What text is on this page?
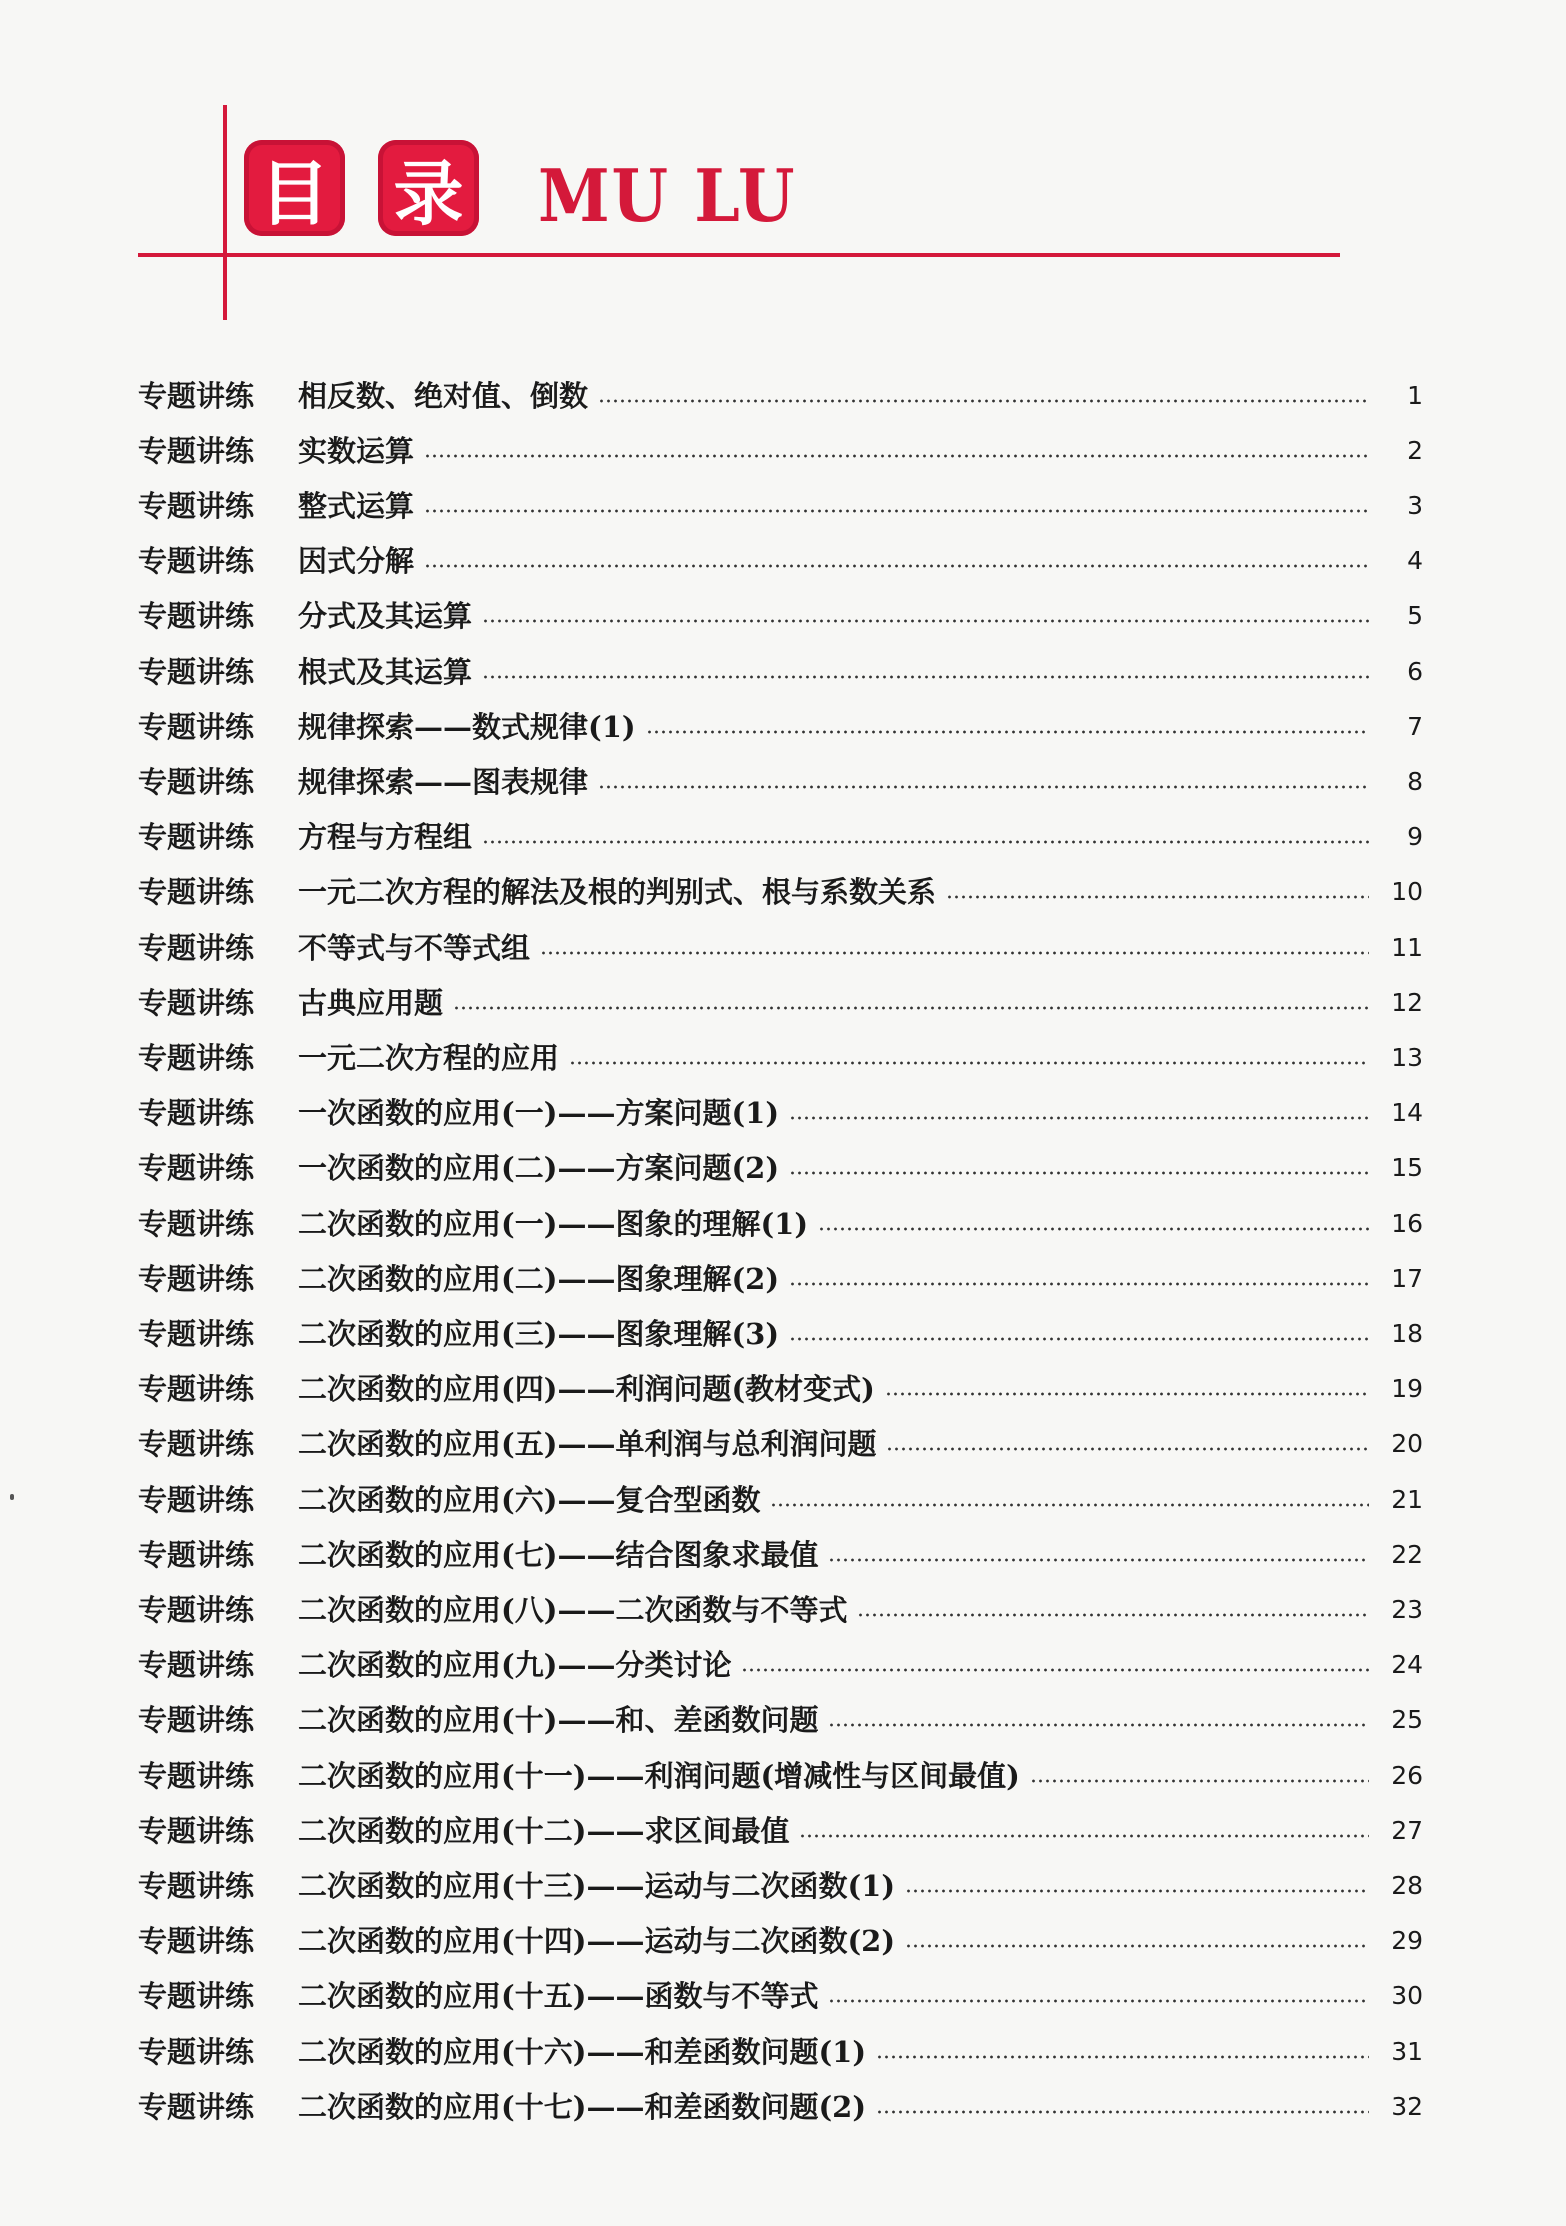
目 录 MU LU
专题讲练	相反数、绝对值、倒数	1
专题讲练	实数运算	2
专题讲练	整式运算	3
专题讲练	因式分解	4
专题讲练	分式及其运算	5
专题讲练	根式及其运算	6
专题讲练	规律探索——数式规律(1)	7
专题讲练	规律探索——图表规律	8
专题讲练	方程与方程组	9
专题讲练	一元二次方程的解法及根的判别式、根与系数关系	10
专题讲练	不等式与不等式组	11
专题讲练	古典应用题	12
专题讲练	一元二次方程的应用	13
专题讲练	一次函数的应用(一)——方案问题(1)	14
专题讲练	一次函数的应用(二)——方案问题(2)	15
专题讲练	二次函数的应用(一)——图象的理解(1)	16
专题讲练	二次函数的应用(二)——图象理解(2)	17
专题讲练	二次函数的应用(三)——图象理解(3)	18
专题讲练	二次函数的应用(四)——利润问题(教材变式)	19
专题讲练	二次函数的应用(五)——单利润与总利润问题	20
专题讲练	二次函数的应用(六)——复合型函数	21
专题讲练	二次函数的应用(七)——结合图象求最值	22
专题讲练	二次函数的应用(八)——二次函数与不等式	23
专题讲练	二次函数的应用(九)——分类讨论	24
专题讲练	二次函数的应用(十)——和、差函数问题	25
专题讲练	二次函数的应用(十一)——利润问题(增减性与区间最值)	26
专题讲练	二次函数的应用(十二)——求区间最值	27
专题讲练	二次函数的应用(十三)——运动与二次函数(1)	28
专题讲练	二次函数的应用(十四)——运动与二次函数(2)	29
专题讲练	二次函数的应用(十五)——函数与不等式	30
专题讲练	二次函数的应用(十六)——和差函数问题(1)	31
专题讲练	二次函数的应用(十七)——和差函数问题(2)	32
